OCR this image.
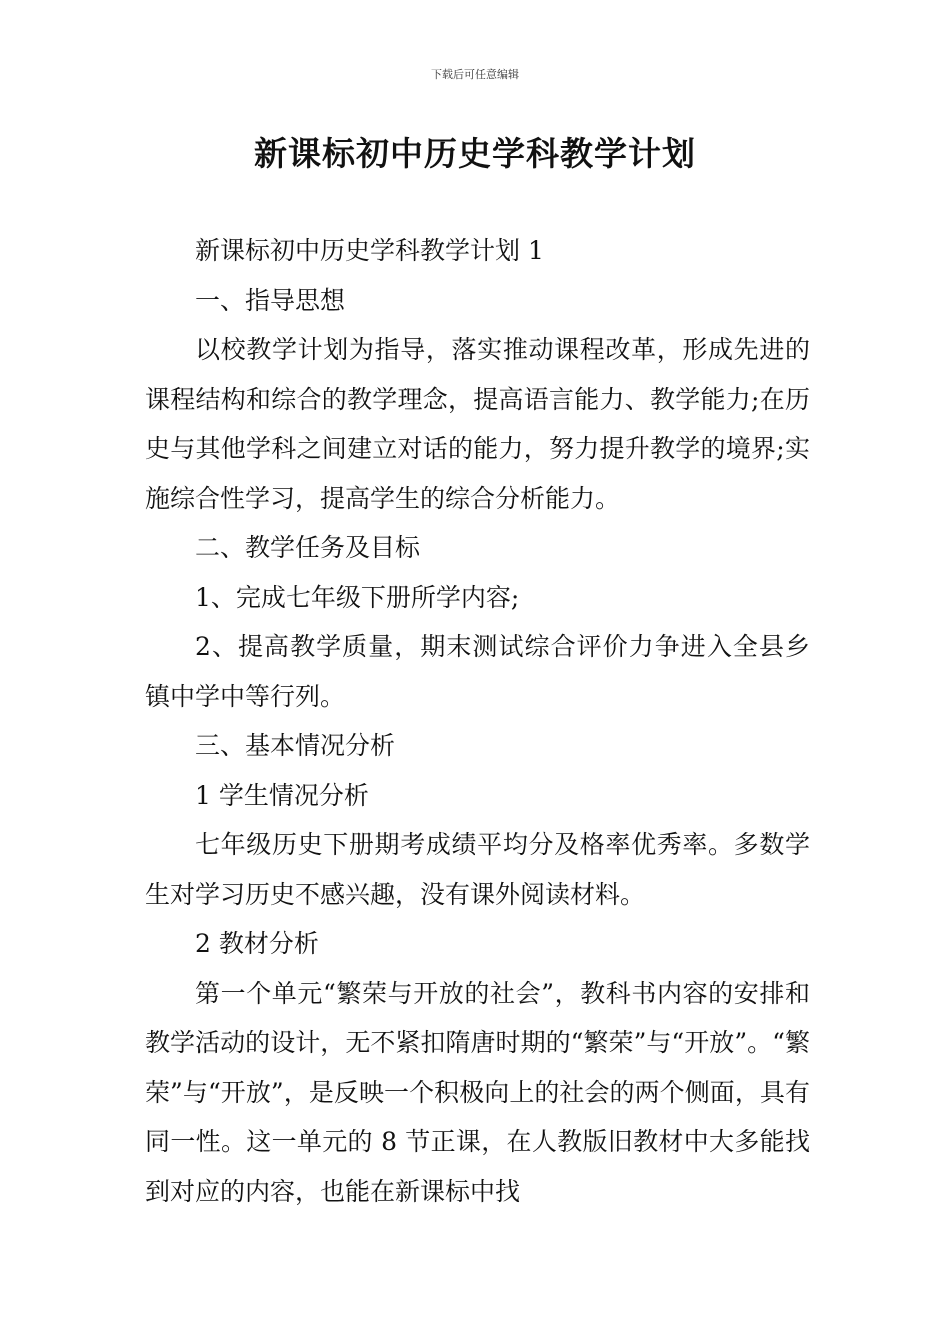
下载后可任意编辑
新课标初中历史学科教学计划

新课标初中历史学科教学计划 1

一、指导思想

以校教学计划为指导，落实推动课程改革，形成先进的课程结构和综合的教学理念，提高语言能力、教学能力;在历史与其他学科之间建立对话的能力，努力提升教学的境界;实施综合性学习，提高学生的综合分析能力。

二、教学任务及目标

1、完成七年级下册所学内容;

2、提高教学质量，期末测试综合评价力争进入全县乡镇中学中等行列。

三、基本情况分析

1 学生情况分析

七年级历史下册期考成绩平均分及格率优秀率。多数学生对学习历史不感兴趣，没有课外阅读材料。

2 教材分析

第一个单元“繁荣与开放的社会”，教科书内容的安排和教学活动的设计，无不紧扣隋唐时期的“繁荣”与“开放”。“繁荣”与“开放”，是反映一个积极向上的社会的两个侧面，具有同一性。这一单元的 8 节正课，在人教版旧教材中大多能找到对应的内容，也能在新课标中找
